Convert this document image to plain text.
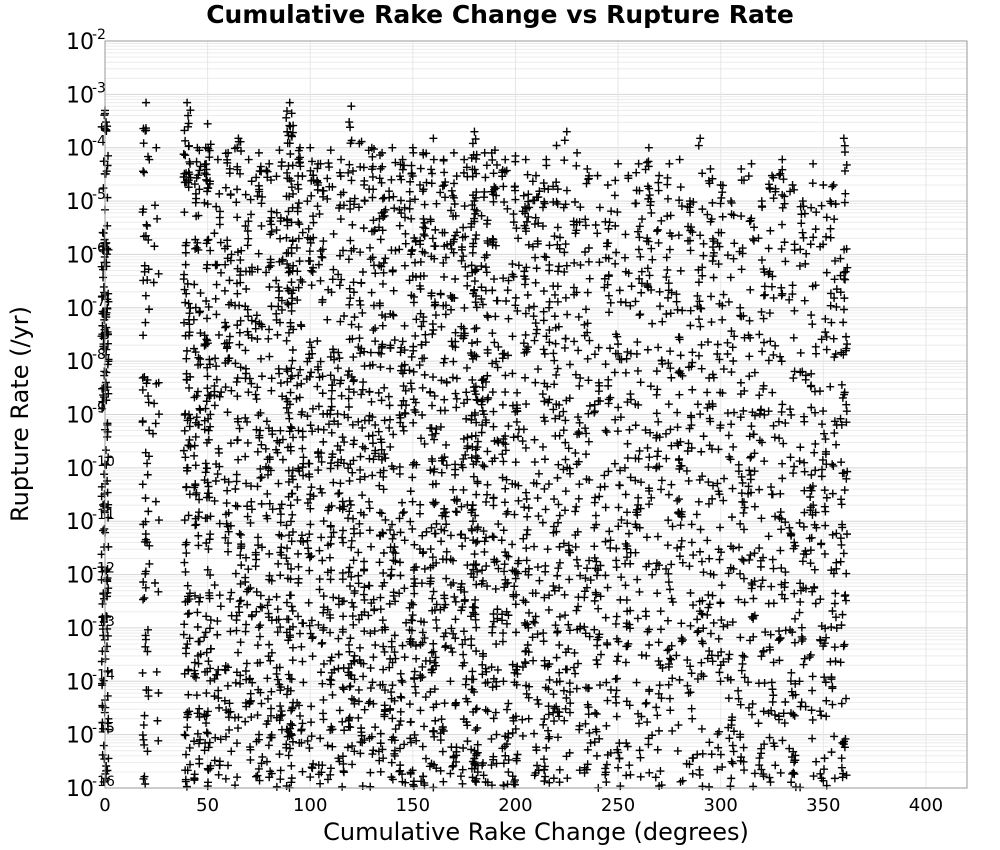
0	50	100	150	200	250	300	350	400
10
-2
10
-3
10
-4
10
-5
10
-6
10
-7
10
-8
10
-9
10
-10
10
-11
10
-12
10
-13
10
-14
10
-15
10
-16
Cumulative Rake Change vs Rupture Rate
Cumulative Rake Change (degrees)
Rupture Rate (/yr)
